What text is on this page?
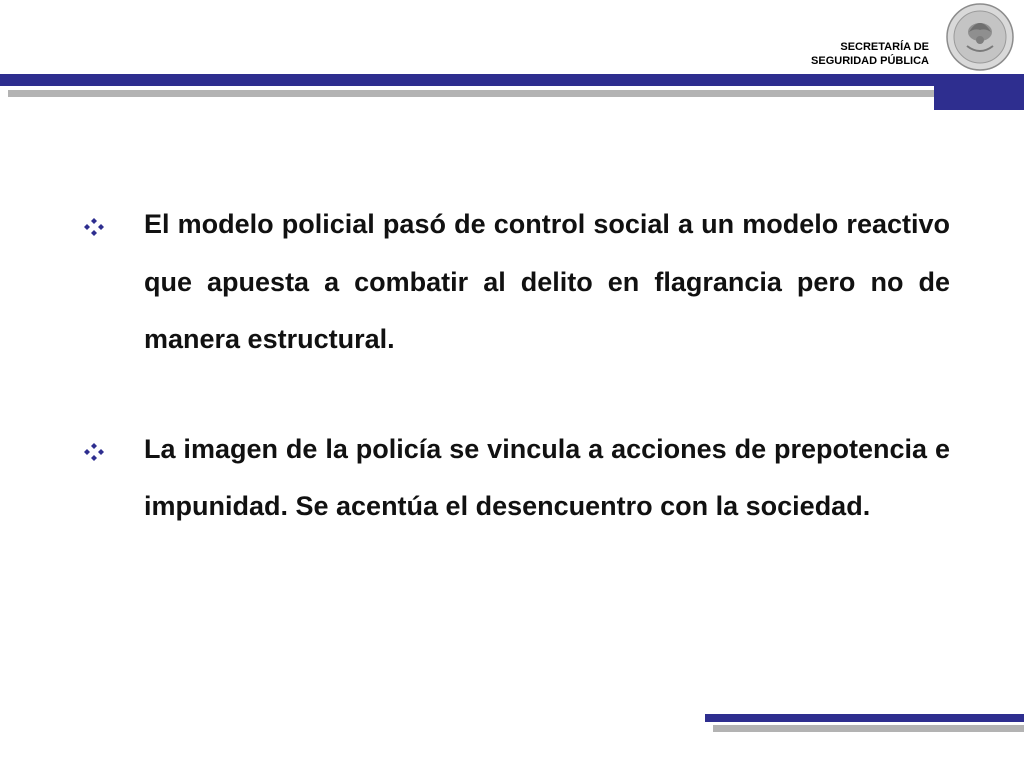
SECRETARÍA DE
SEGURIDAD PÚBLICA
El modelo policial pasó de control social a un modelo reactivo que apuesta a combatir al delito en flagrancia pero no de manera estructural.
La imagen de la policía se vincula a acciones de prepotencia e impunidad. Se acentúa el desencuentro con la sociedad.
